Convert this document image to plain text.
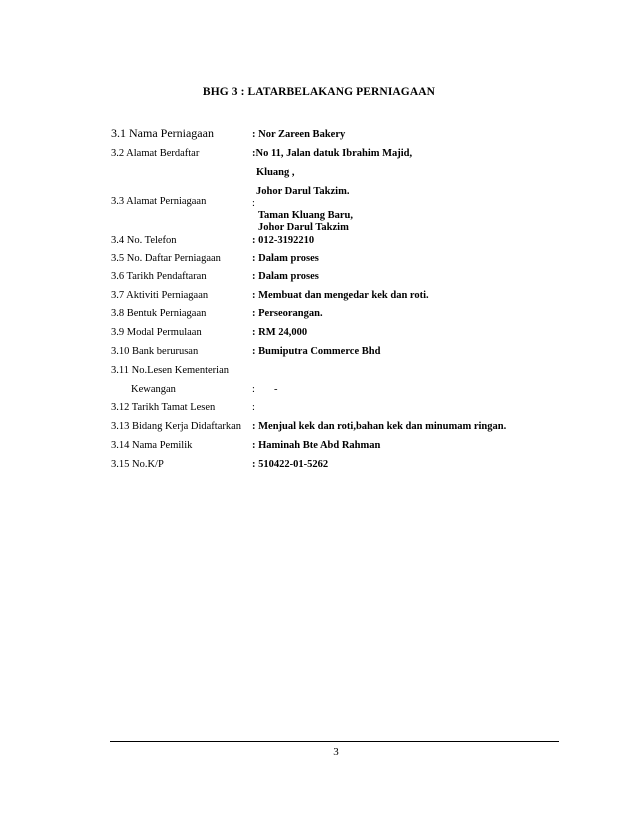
BHG 3 : LATARBELAKANG PERNIAGAAN
3.1 Nama Perniagaan	: Nor Zareen Bakery
3.2 Alamat Berdaftar	:No 11, Jalan datuk Ibrahim Majid,
Kluang ,
Johor Darul Takzim.
3.3 Alamat Perniagaan	:
Taman Kluang Baru,
Johor Darul Takzim
3.4 No. Telefon	: 012-3192210
3.5 No. Daftar Perniagaan	: Dalam proses
3.6 Tarikh Pendaftaran	: Dalam proses
3.7 Aktiviti Perniagaan	: Membuat dan mengedar kek dan roti.
3.8 Bentuk Perniagaan	: Perseorangan.
3.9 Modal Permulaan	: RM 24,000
3.10 Bank berurusan	: Bumiputra Commerce Bhd
3.11 No.Lesen Kementerian
Kewangan	: -
3.12 Tarikh Tamat Lesen	:
3.13 Bidang Kerja Didaftarkan : Menjual kek dan roti,bahan kek dan minumam ringan.
3.14 Nama Pemilik	: Haminah Bte Abd Rahman
3.15 No.K/P	: 510422-01-5262
3
